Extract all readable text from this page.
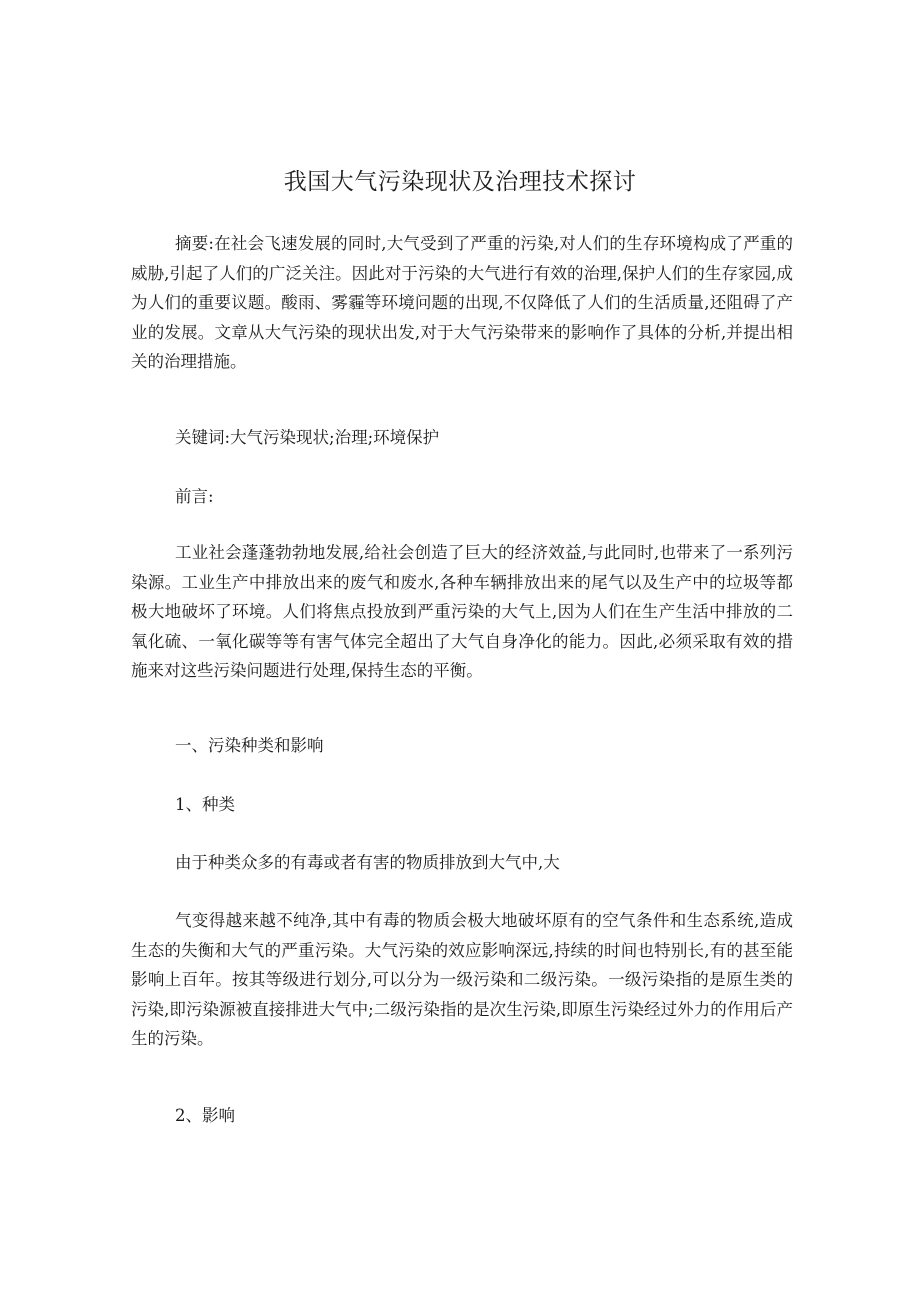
我国大气污染现状及治理技术探讨

摘要:在社会飞速发展的同时,大气受到了严重的污染,对人们的生存环境构成了严重的威胁,引起了人们的广泛关注。因此对于污染的大气进行有效的治理,保护人们的生存家园,成为人们的重要议题。酸雨、雾霾等环境问题的出现,不仅降低了人们的生活质量,还阻碍了产业的发展。文章从大气污染的现状出发,对于大气污染带来的影响作了具体的分析,并提出相关的治理措施。

关键词:大气污染现状;治理;环境保护

前言:

工业社会蓬蓬勃勃地发展,给社会创造了巨大的经济效益,与此同时,也带来了一系列污染源。工业生产中排放出来的废气和废水,各种车辆排放出来的尾气以及生产中的垃圾等都极大地破坏了环境。人们将焦点投放到严重污染的大气上,因为人们在生产生活中排放的二氧化硫、一氧化碳等等有害气体完全超出了大气自身净化的能力。因此,必须采取有效的措施来对这些污染问题进行处理,保持生态的平衡。

一、污染种类和影响

1、种类

由于种类众多的有毒或者有害的物质排放到大气中,大

气变得越来越不纯净,其中有毒的物质会极大地破坏原有的空气条件和生态系统,造成生态的失衡和大气的严重污染。大气污染的效应影响深远,持续的时间也特别长,有的甚至能影响上百年。按其等级进行划分,可以分为一级污染和二级污染。一级污染指的是原生类的污染,即污染源被直接排进大气中;二级污染指的是次生污染,即原生污染经过外力的作用后产生的污染。

2、影响
